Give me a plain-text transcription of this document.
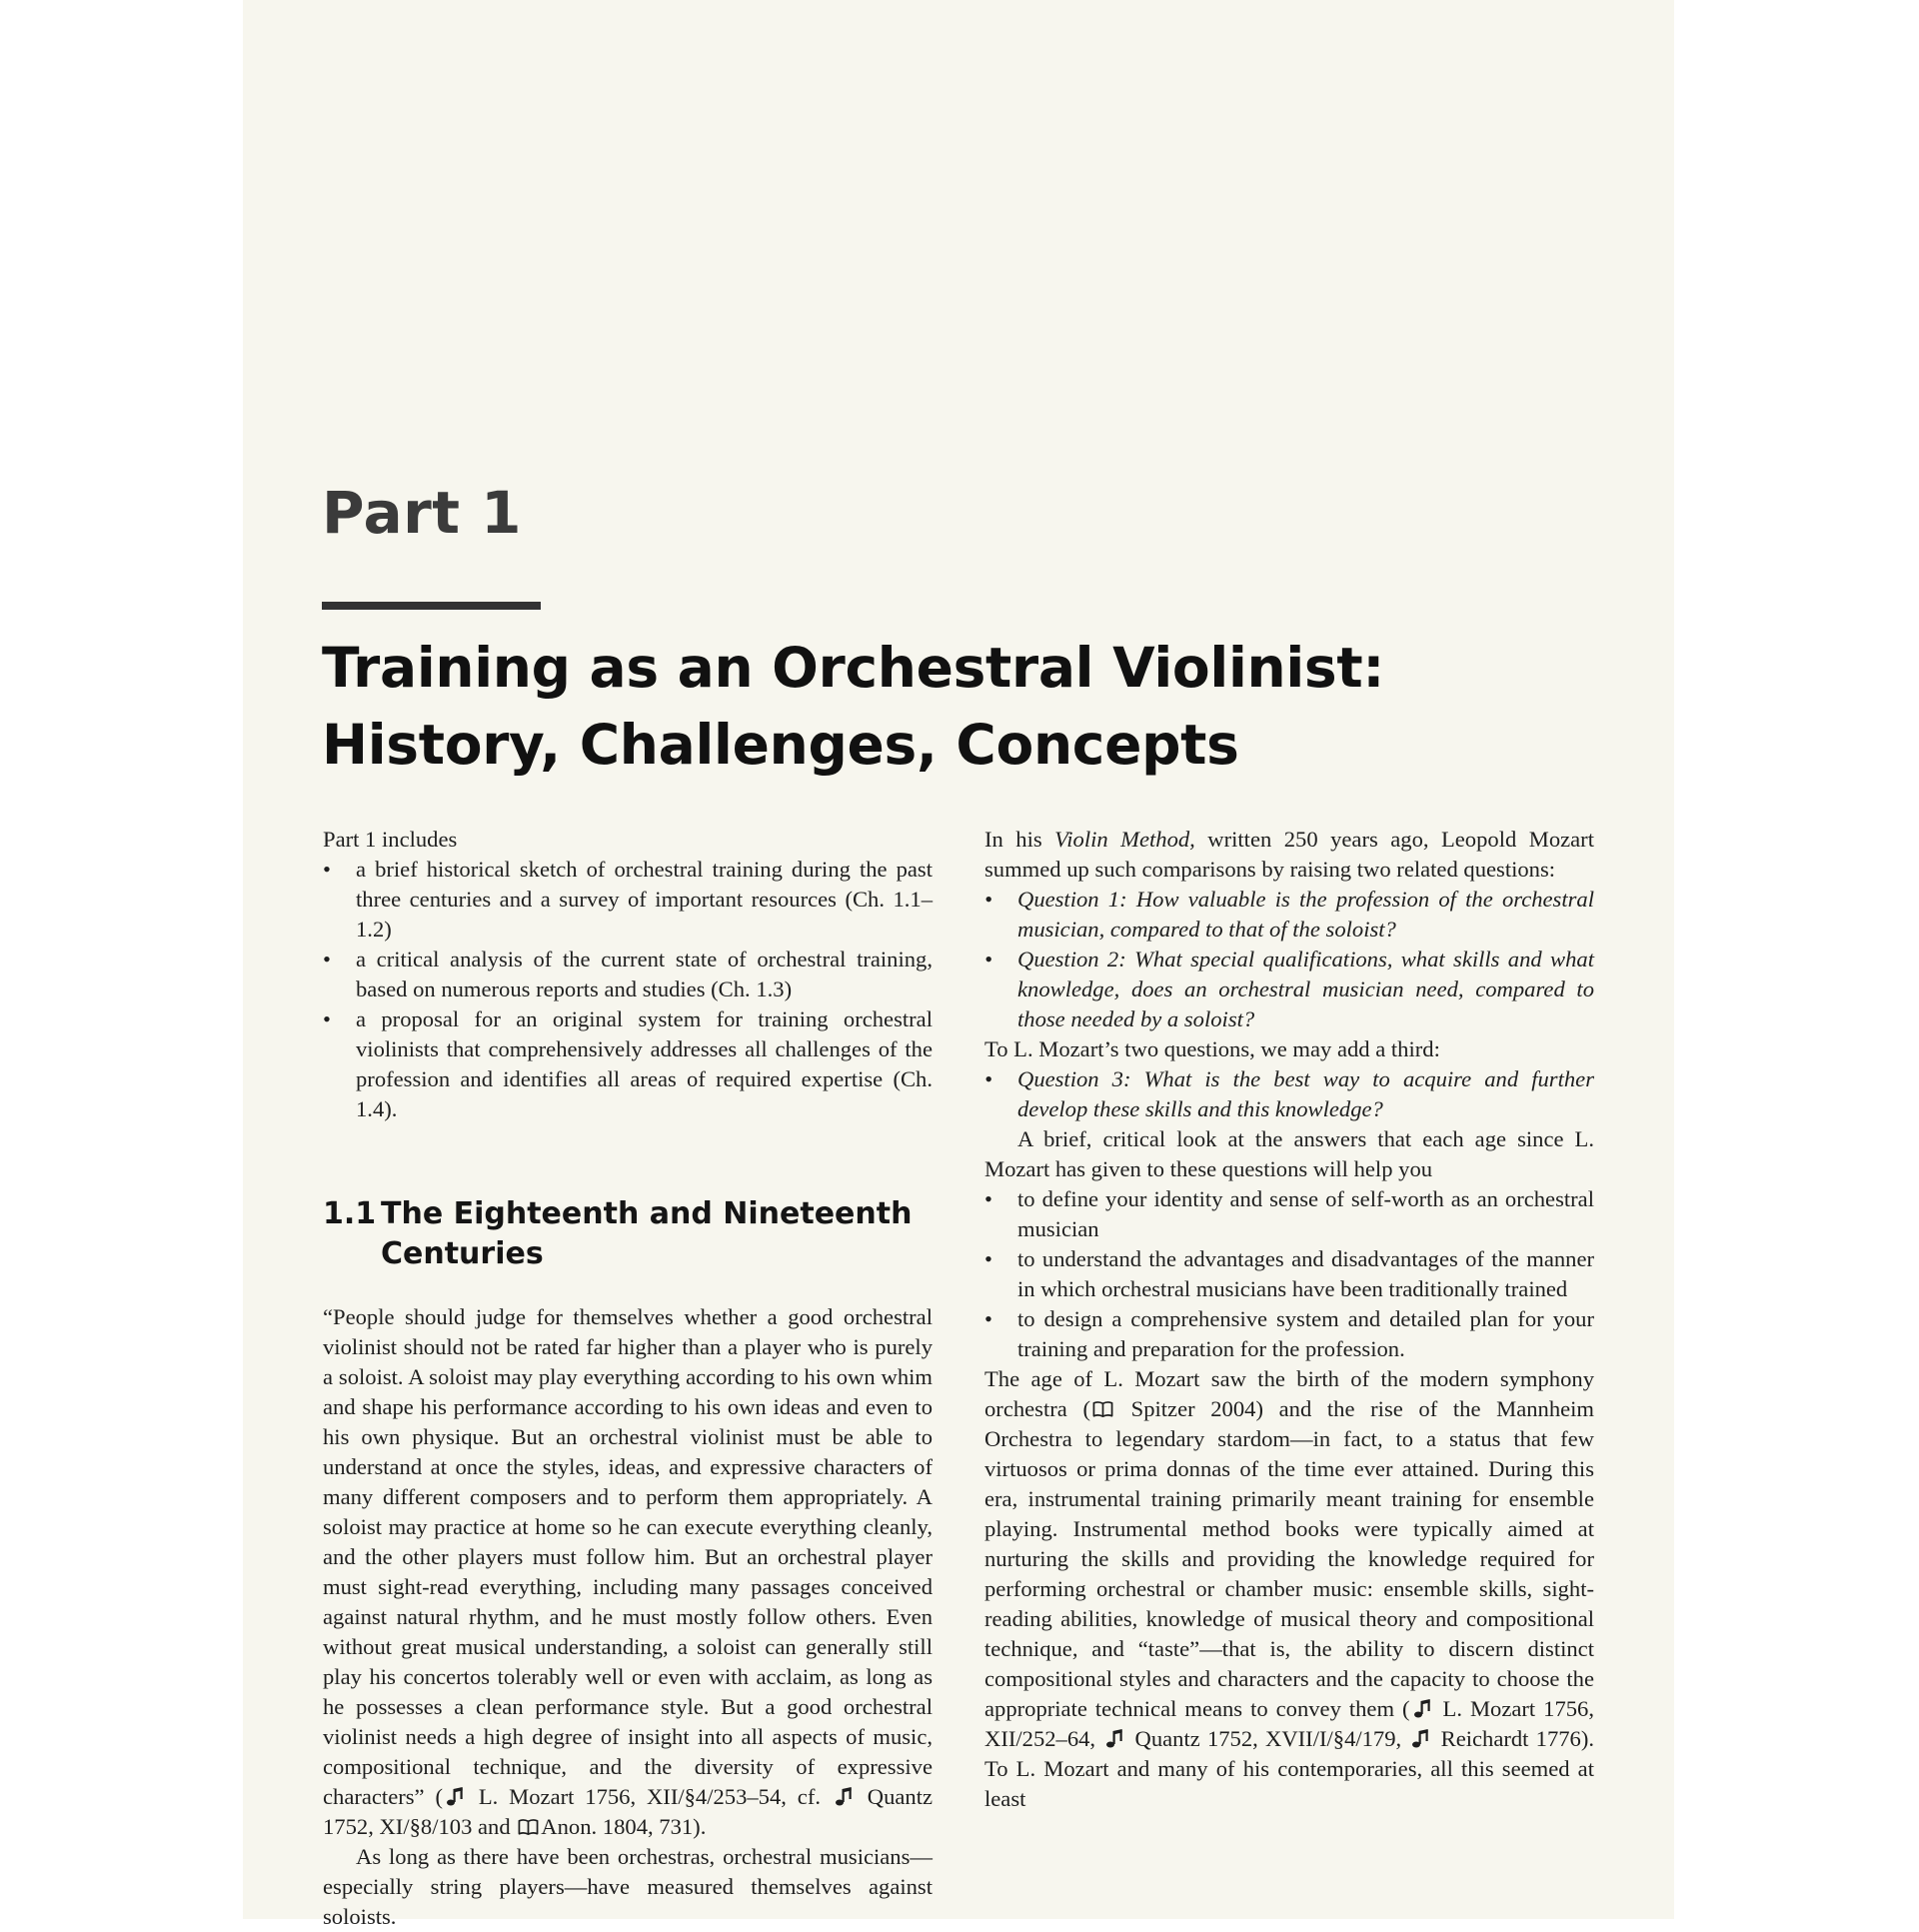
Part 1
Training as an Orchestral Violinist:
History, Challenges, Concepts

Part 1 includes

• a brief historical sketch of orchestral training during the past three centuries and a survey of important resources (Ch. 1.1–1.2)
• a critical analysis of the current state of orchestral training, based on numerous reports and studies (Ch. 1.3)
• a proposal for an original system for training orchestral violinists that comprehensively addresses all challenges of the profession and identifies all areas of required expertise (Ch. 1.4).
1.1 The Eighteenth and Nineteenth Centuries

“People should judge for themselves whether a good orchestral violinist should not be rated far higher than a player who is purely a soloist. A soloist may play everything according to his own whim and shape his performance according to his own ideas and even to his own physique. But an orchestral violinist must be able to understand at once the styles, ideas, and expressive characters of many different composers and to perform them appropriately. A soloist may practice at home so he can execute everything cleanly, and the other players must follow him. But an orchestral player must sight-read everything, including many passages conceived against natural rhythm, and he must mostly follow others. Even without great musical understanding, a soloist can generally still play his concertos tolerably well or even with acclaim, as long as he possesses a clean performance style. But a good orchestral violinist needs a high degree of insight into all aspects of music, compositional technique, and the diversity of expressive characters” ( L. Mozart 1756, XII/§4/253–54, cf. Quantz 1752, XI/§8/103 and Anon. 1804, 731).

As long as there have been orchestras, orchestral musicians—especially string players—have measured themselves against soloists.

In his Violin Method, written 250 years ago, Leopold Mozart summed up such comparisons by raising two related questions:

• Question 1: How valuable is the profession of the orchestral musician, compared to that of the soloist?
• Question 2: What special qualifications, what skills and what knowledge, does an orchestral musician need, compared to those needed by a soloist?

To L. Mozart’s two questions, we may add a third:

• Question 3: What is the best way to acquire and further develop these skills and this knowledge?

A brief, critical look at the answers that each age since L. Mozart has given to these questions will help you

• to define your identity and sense of self-worth as an orchestral musician
• to understand the advantages and disadvantages of the manner in which orchestral musicians have been traditionally trained
• to design a comprehensive system and detailed plan for your training and preparation for the profession.

The age of L. Mozart saw the birth of the modern symphony orchestra ( Spitzer 2004) and the rise of the Mannheim Orchestra to legendary stardom—in fact, to a status that few virtuosos or prima donnas of the time ever attained. During this era, instrumental training primarily meant training for ensemble playing. Instrumental method books were typically aimed at nurturing the skills and providing the knowledge required for performing orchestral or chamber music: ensemble skills, sight-reading abilities, knowledge of musical theory and compositional technique, and “taste”—that is, the ability to discern distinct compositional styles and characters and the capacity to choose the appropriate technical means to convey them ( L. Mozart 1756, XII/252–64, Quantz 1752, XVII/I/§4/179, Reichardt 1776). To L. Mozart and many of his contemporaries, all this seemed at least
